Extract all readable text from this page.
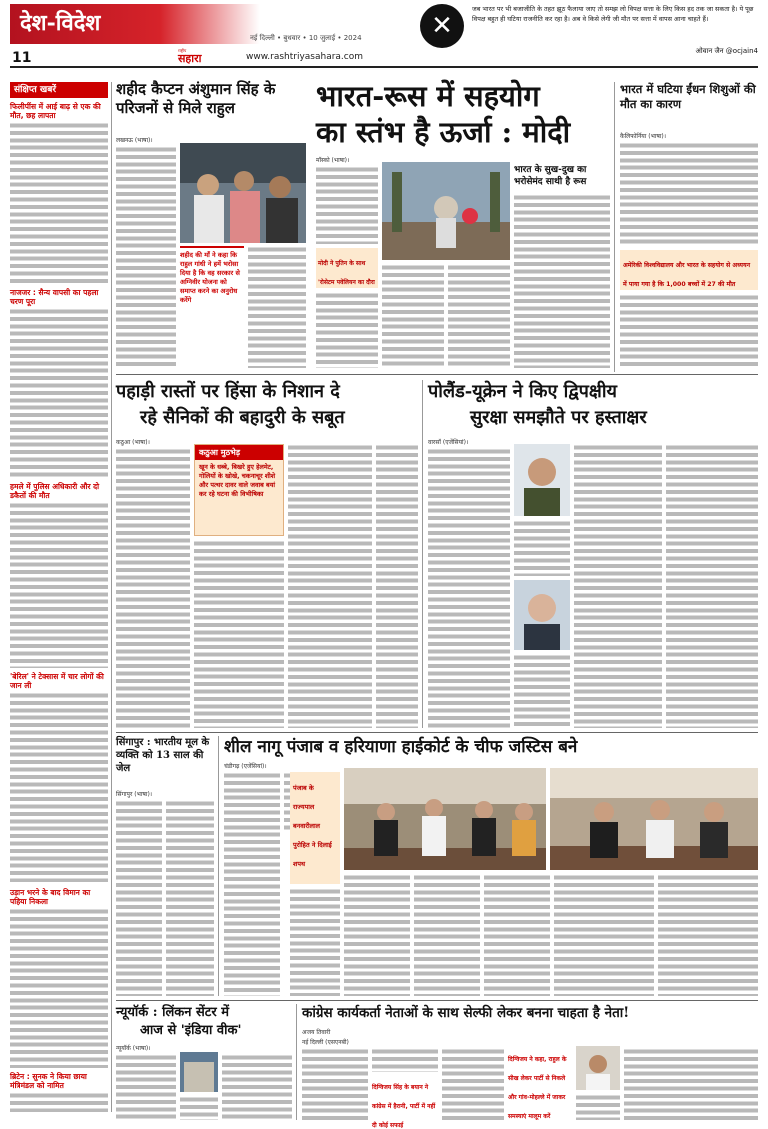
देश-विदेश
11
नई दिल्ली • बुधवार • 10 जुलाई • 2024
राष्ट्रीय
सहारा	www.rashtriyasahara.com
✕
जब भारत पर भी बजाजीति के तहत झूठ फैलाया जाए तो समझ लो विपक्ष सत्ता के लिए किस हद तक जा सकता है। ये पूछ विपक्ष बहुत ही घटिया राजनीति कर रहा है। अब वे किसे लेगी जी मौत पर सत्ता में वापस आना चाहते हैं।
ओवान जैन @ocjain4
संक्षिप्त खबरें
फिलीपींस में आई बाढ़ से एक की मौत, छह लापता
नाजजर : सैन्य वापसी का पहला चरण पूरा
हमले में पुलिस अधिकारी और दो डकैतों की मौत
'बेरिल' ने टेक्सास में चार लोगों की जान ली
उड़ान भरने के बाद विमान का पहिया निकला
ब्रिटेन : सुनक ने किया छाया मंत्रिमंडल को नामित
शहीद कैप्टन अंशुमान सिंह के परिजनों से मिले राहुल
लखनऊ (भाषा)।
शहीद की माँ ने कहा कि राहुल गांधी ने हमें भरोसा दिया है कि वह सरकार से अग्निवीर योजना को समाप्त करने का अनुरोध करेंगे
भारत-रूस में सहयोग
का स्तंभ है ऊर्जा : मोदी
मॉस्को (भाषा)।
मोदी ने पुतिन के साथ 'रोसेटम पवेलियन का दौरा
भारत के सुख-दुख का भरोसेमंद साथी है रूस
भारत में घटिया ईंधन शिशुओं की मौत का कारण
कैलिफोर्निया (भाषा)।
अमेरिकी विश्वविद्यालय और भारत के सहयोग से अध्ययन में पाया गया है कि 1,000 बच्चों में 27 की मौत
पहाड़ी रास्तों पर हिंसा के निशान दे
रहे सैनिकों की बहादुरी के सबूत
कठुआ (भाषा)।
कठुआ मुठभेड़
खून के धब्बे, बिखरे हुए हेलमेट, गोलियों के खोखे, चकनाचूर शीशे और पत्थर दावर वाले जवाब बयां कर रहे घटना की विभीषिका
पोलैंड-यूक्रेन ने किए द्विपक्षीय
सुरक्षा समझौते पर हस्ताक्षर
वारसॉ (एजेंसियां)।
सिंगापुर : भारतीय मूल के व्यक्ति को 13 साल की जेल
सिंगापुर (भाषा)।
शील नागू पंजाब व हरियाणा हाईकोर्ट के चीफ जस्टिस बने
चंडीगढ़ (एजेंसियां)।
पंजाब के राज्यपाल बनवारीलाल पुरोहित ने दिलाई शपथ
न्यूयॉर्क : लिंकन सेंटर में
आज से 'इंडिया वीक'
न्यूयॉर्क (भाषा)।
कांग्रेस कार्यकर्ता नेताओं के साथ सेल्फी लेकर बनना चाहता है नेता!
अजय तिवारी
नई दिल्ली (एसएनबी)
दिग्विजय सिंह के बयान ने कांग्रेस में हैरानी, पार्टी में नहीं दी कोई सफाई
दिग्विजय ने कहा, राहुल के सीख लेकर पार्टी से निकले और गांव-मोहल्ले में जाकर समस्याएं मालूम करें
